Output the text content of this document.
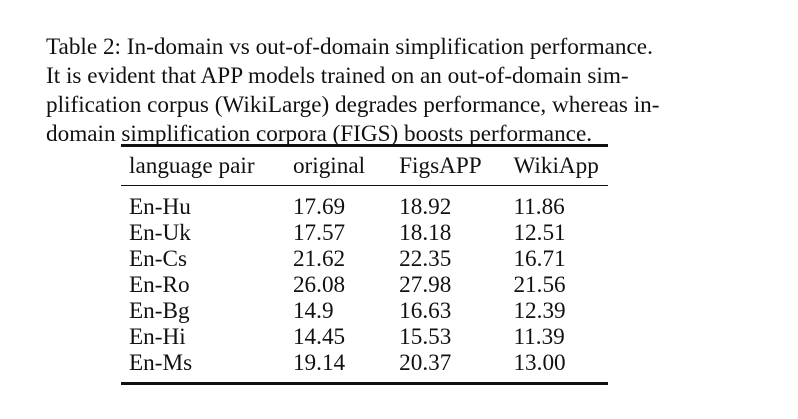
Table 2: In-domain vs out-of-domain simplification performance.
It is evident that APP models trained on an out-of-domain sim-
plification corpus (WikiLarge) degrades performance, whereas in-
domain simplification corpora (FIGS) boosts performance.
language pair	original	FigsAPP	WikiApp
En-Hu	17.69	18.92	11.86
En-Uk	17.57	18.18	12.51
En-Cs	21.62	22.35	16.71
En-Ro	26.08	27.98	21.56
En-Bg	14.9	16.63	12.39
En-Hi	14.45	15.53	11.39
En-Ms	19.14	20.37	13.00
